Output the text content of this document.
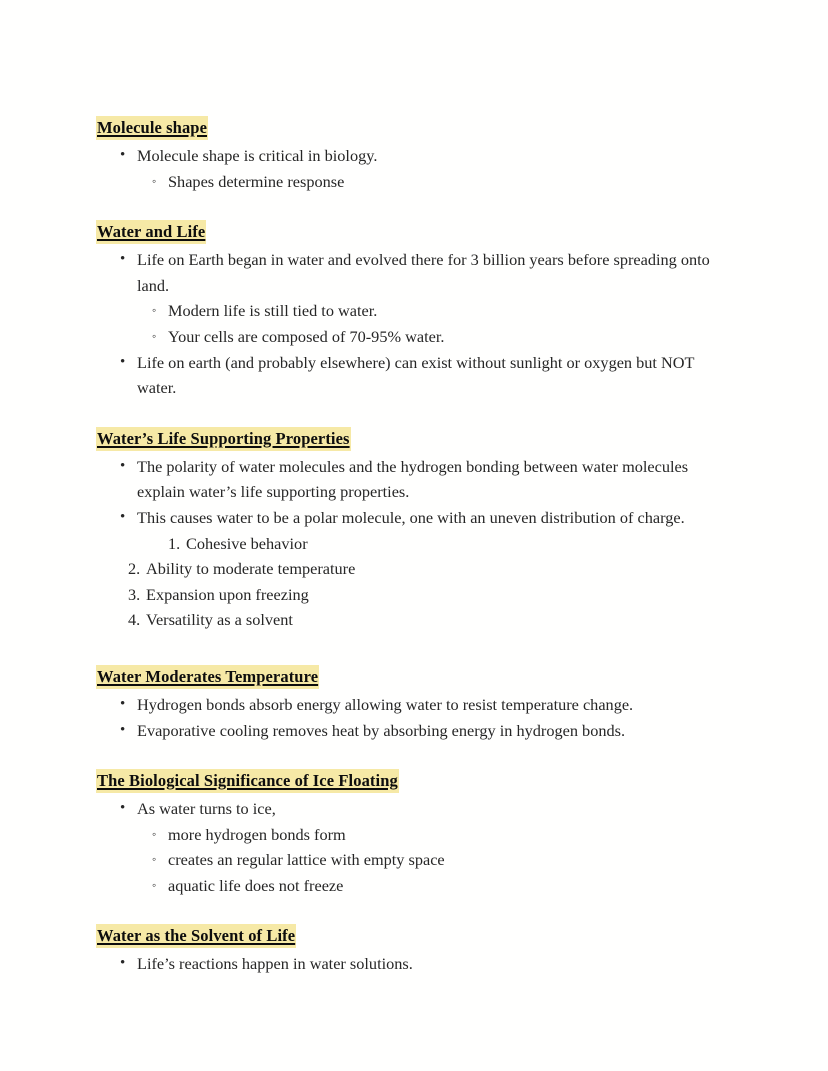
Molecule shape
• Molecule shape is critical in biology.
◦ Shapes determine response
Water and Life
• Life on Earth began in water and evolved there for 3 billion years before spreading onto land.
◦ Modern life is still tied to water.
◦ Your cells are composed of 70-95% water.
• Life on earth (and probably elsewhere) can exist without sunlight or oxygen but NOT water.
Water’s Life Supporting Properties
• The polarity of water molecules and the hydrogen bonding between water molecules explain water’s life supporting properties.
• This causes water to be a polar molecule, one with an uneven distribution of charge.
1. Cohesive behavior
2. Ability to moderate temperature
3. Expansion upon freezing
4. Versatility as a solvent
Water Moderates Temperature
• Hydrogen bonds absorb energy allowing water to resist temperature change.
• Evaporative cooling removes heat by absorbing energy in hydrogen bonds.
The Biological Significance of Ice Floating
• As water turns to ice,
◦ more hydrogen bonds form
◦ creates an regular lattice with empty space
◦ aquatic life does not freeze
Water as the Solvent of Life
• Life’s reactions happen in water solutions.
